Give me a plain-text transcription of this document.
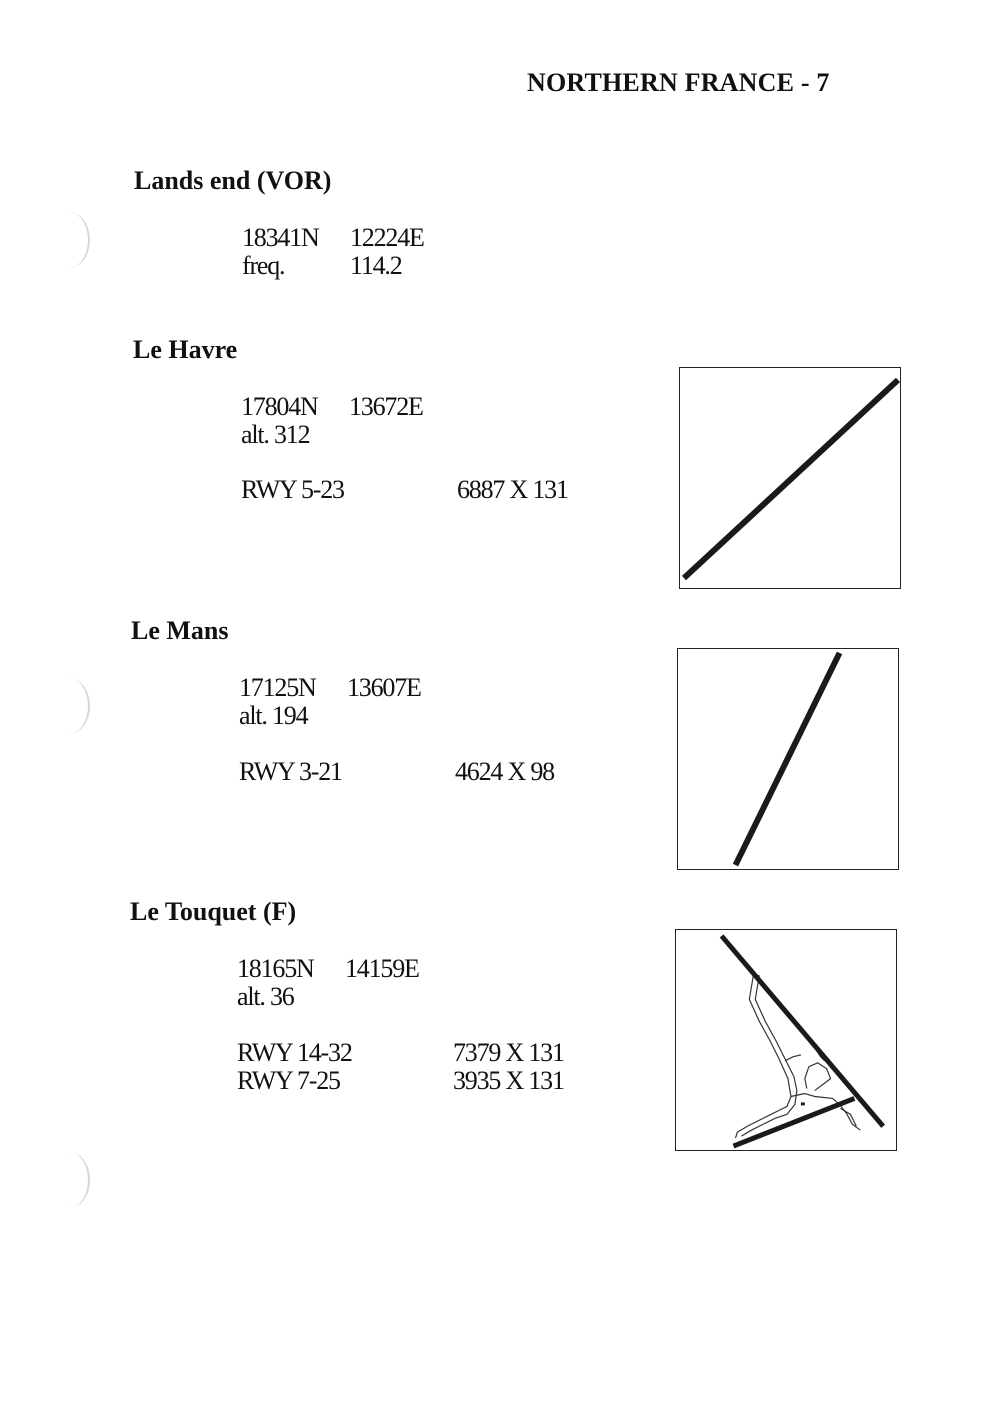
NORTHERN FRANCE - 7
Lands end (VOR)
18341N 12224E
freq.	114.2
Le Havre
17804N 13672E
alt. 312
RWY 5-23	6887 X 131
Le Mans
17125N 13607E
alt. 194
RWY 3-21	4624 X 98
Le Touquet (F)
18165N 14159E
alt. 36
RWY 14-32	7379 X 131
RWY 7-25	3935 X 131
